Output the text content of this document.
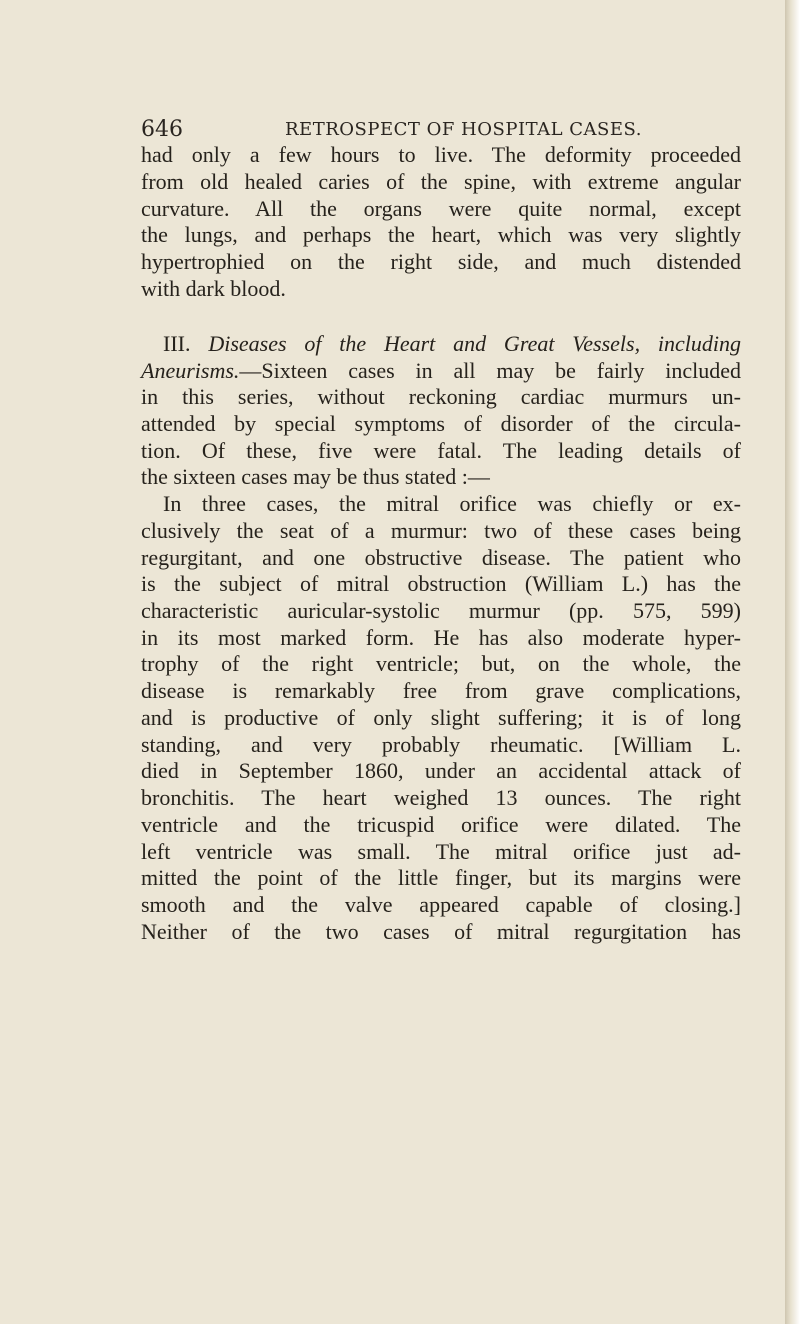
646	RETROSPECT OF HOSPITAL CASES.
had only a few hours to live. The deformity proceeded
from old healed caries of the spine, with extreme angular
curvature. All the organs were quite normal, except
the lungs, and perhaps the heart, which was very slightly
hypertrophied on the right side, and much distended
with dark blood.
III. Diseases of the Heart and Great Vessels, including
Aneurisms.—Sixteen cases in all may be fairly included
in this series, without reckoning cardiac murmurs un-
attended by special symptoms of disorder of the circula-
tion. Of these, five were fatal. The leading details of
the sixteen cases may be thus stated :—
In three cases, the mitral orifice was chiefly or ex-
clusively the seat of a murmur: two of these cases being
regurgitant, and one obstructive disease. The patient who
is the subject of mitral obstruction (William L.) has the
characteristic auricular-systolic murmur (pp. 575, 599)
in its most marked form. He has also moderate hyper-
trophy of the right ventricle; but, on the whole, the
disease is remarkably free from grave complications,
and is productive of only slight suffering; it is of long
standing, and very probably rheumatic. [William L.
died in September 1860, under an accidental attack of
bronchitis. The heart weighed 13 ounces. The right
ventricle and the tricuspid orifice were dilated. The
left ventricle was small. The mitral orifice just ad-
mitted the point of the little finger, but its margins were
smooth and the valve appeared capable of closing.]
Neither of the two cases of mitral regurgitation has
